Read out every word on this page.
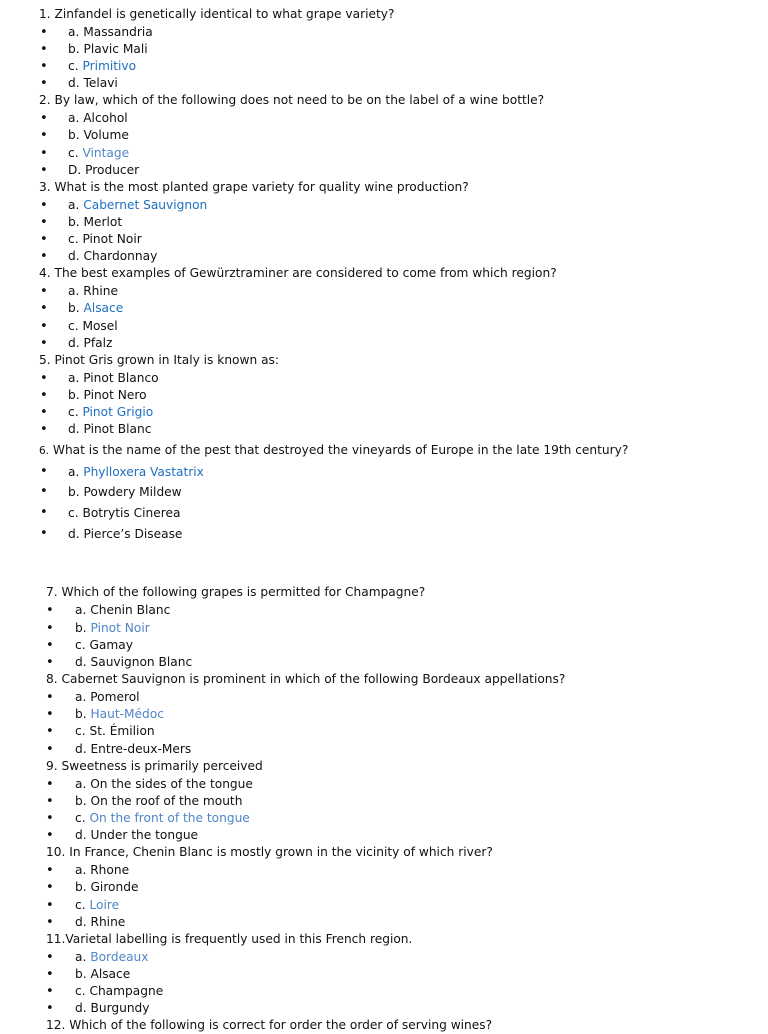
1. Zinfandel is genetically identical to what grape variety?
• a. Massandria
• b. Plavic Mali
• c. Primitivo
• d. Telavi
2. By law, which of the following does not need to be on the label of a wine bottle?
• a. Alcohol
• b. Volume
• c. Vintage
• D. Producer
3. What is the most planted grape variety for quality wine production?
• a. Cabernet Sauvignon
• b. Merlot
• c. Pinot Noir
• d. Chardonnay
4. The best examples of Gewürztraminer are considered to come from which region?
• a. Rhine
• b. Alsace
• c. Mosel
• d. Pfalz
5. Pinot Gris grown in Italy is known as:
• a. Pinot Blanco
• b. Pinot Nero
• c. Pinot Grigio
• d. Pinot Blanc
6. What is the name of the pest that destroyed the vineyards of Europe in the late 19th century?
• a. Phylloxera Vastatrix
• b. Powdery Mildew
• c. Botrytis Cinerea
• d. Pierce’s Disease
7. Which of the following grapes is permitted for Champagne?
• a. Chenin Blanc
• b. Pinot Noir
• c. Gamay
• d. Sauvignon Blanc
8. Cabernet Sauvignon is prominent in which of the following Bordeaux appellations?
• a. Pomerol
• b. Haut-Médoc
• c. St. Émilion
• d. Entre-deux-Mers
9. Sweetness is primarily perceived
• a. On the sides of the tongue
• b. On the roof of the mouth
• c. On the front of the tongue
• d. Under the tongue
10. In France, Chenin Blanc is mostly grown in the vicinity of which river?
• a. Rhone
• b. Gironde
• c. Loire
• d. Rhine
11.Varietal labelling is frequently used in this French region.
• a. Bordeaux
• b. Alsace
• c. Champagne
• d. Burgundy
12. Which of the following is correct for order the order of serving wines?
